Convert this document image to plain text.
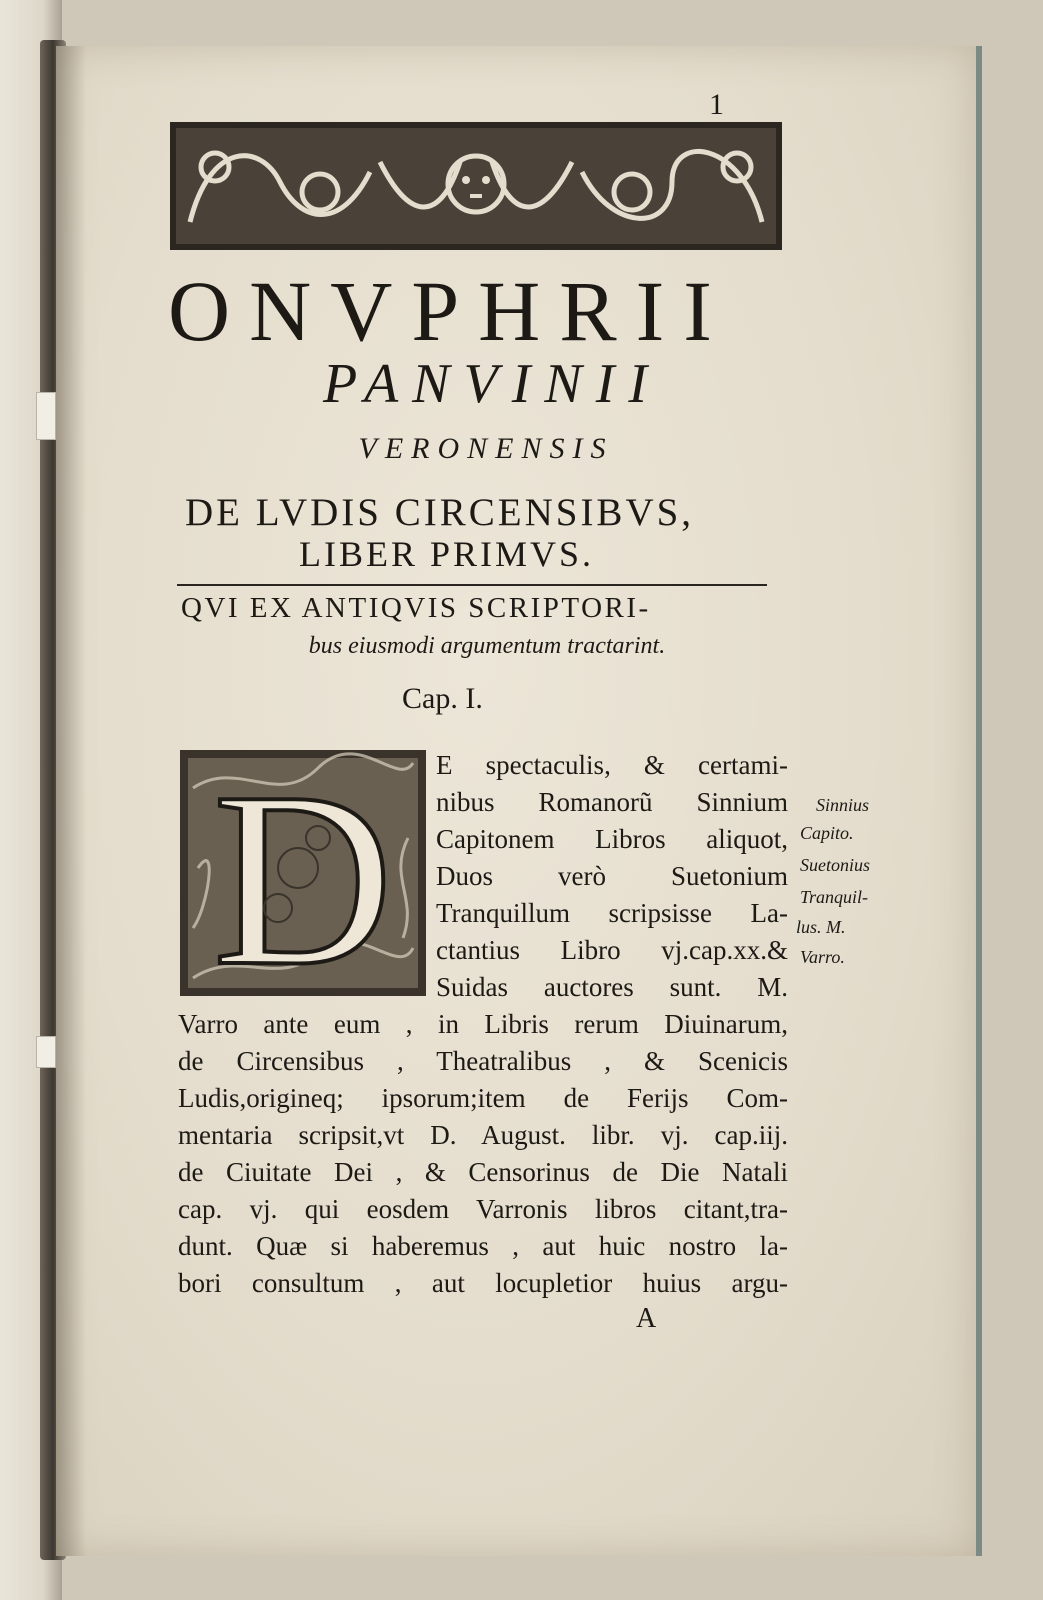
1
ONVPHRII
PANVINII
VERONENSIS
DE LVDIS CIRCENSIBVS,
LIBER PRIMVS.
QVI EX ANTIQVIS SCRIPTORI-
bus eiusmodi argumentum tractarint.
Cap. I.
D E spectaculis, & certami-
nibus Romanorũ Sinnium
Capitonem Libros aliquot,
Duos verò Suetonium
Tranquillum scripsisse La-
ctantius Libro vj.cap.xx.&
Suidas auctores sunt. M.
Varro ante eum , in Libris rerum Diuinarum,
de Circensibus , Theatralibus , & Scenicis
Ludis,origineq; ipsorum;item de Ferijs Com-
mentaria scripsit,vt D. August. libr. vj. cap.iij.
de Ciuitate Dei , & Censorinus de Die Natali
cap. vj. qui eosdem Varronis libros citant,tra-
dunt. Quæ si haberemus , aut huic nostro la-
bori consultum , aut locupletior huius argu-
A
Sinnius
Capito.
Suetonius
Tranquil-
lus. M.
Varro.
